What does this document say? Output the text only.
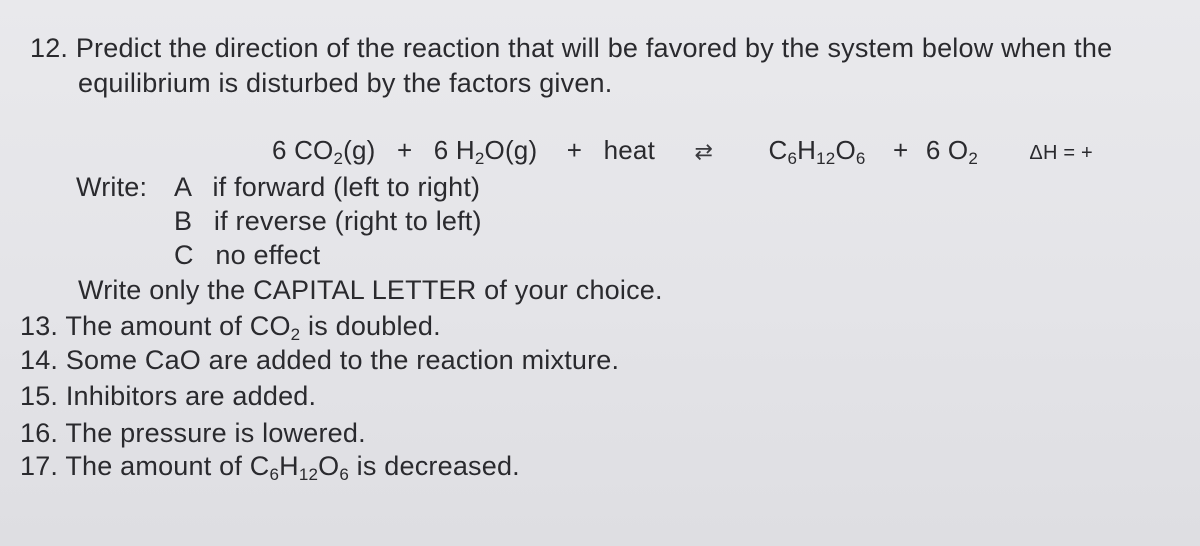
12. Predict the direction of the reaction that will be favored by the system below when the
equilibrium is disturbed by the factors given.
6 $CO_2(g) + 6$ $H_2O(g)$ + heat ⇄ $C_6H_{12}O_6 + 6$ $O_2$	ΔH = +
Write: A if forward (left to right)
B if reverse (right to left)
C no effect
Write only the CAPITAL LETTER of your choice.
13. The amount of $CO_2$ is doubled.
14. Some CaO are added to the reaction mixture.
15. Inhibitors are added.
16. The pressure is lowered.
17. The amount of $C_6H_{12}O_6$ is decreased.
